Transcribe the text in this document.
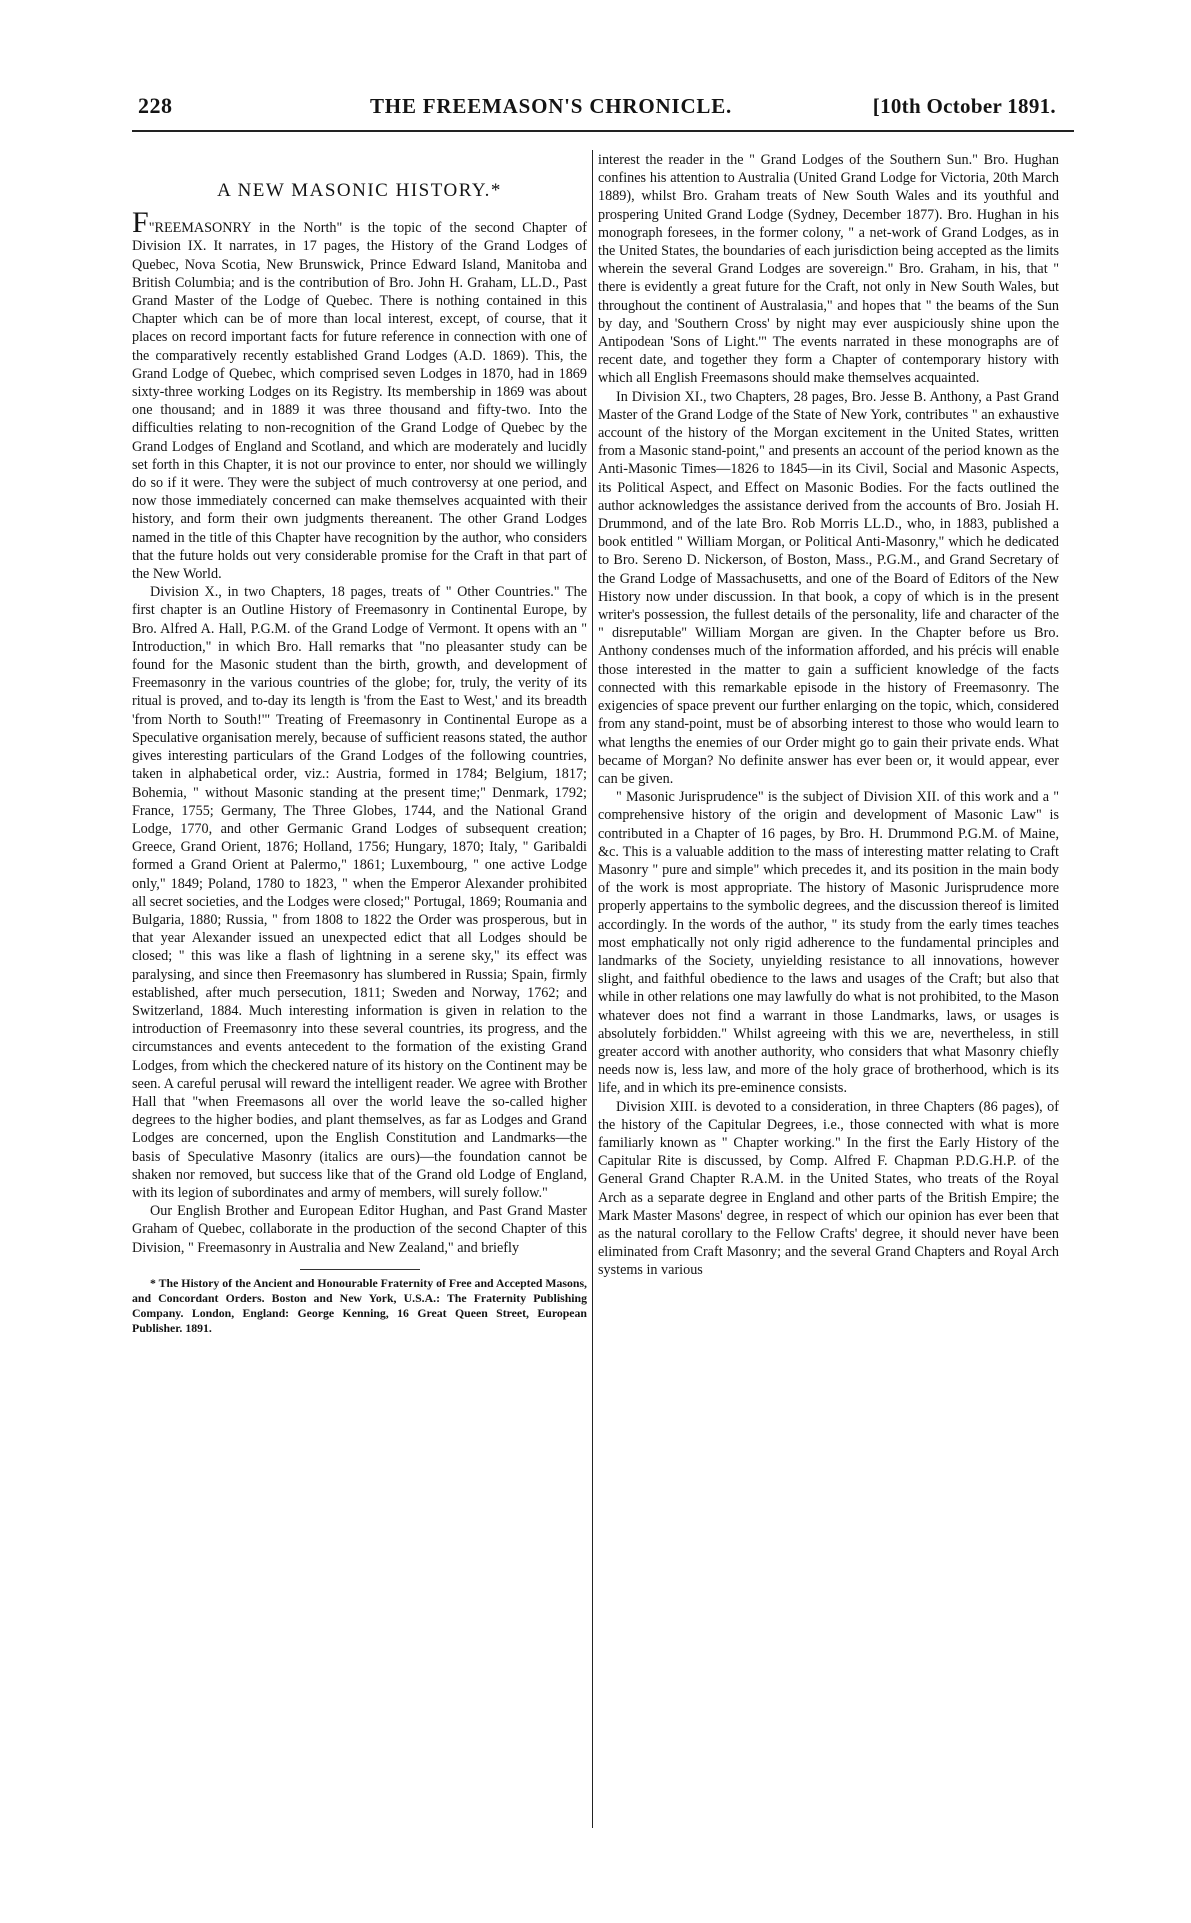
228	THE FREEMASON'S CHRONICLE.	[10th October 1891.
A NEW MASONIC HISTORY.*

F"REEMASONRY in the North" is the topic of the second Chapter of Division IX. It narrates, in 17 pages, the History of the Grand Lodges of Quebec, Nova Scotia, New Brunswick, Prince Edward Island, Manitoba and British Columbia; and is the contribution of Bro. John H. Graham, LL.D., Past Grand Master of the Lodge of Quebec. There is nothing contained in this Chapter which can be of more than local interest, except, of course, that it places on record important facts for future reference in connection with one of the comparatively recently established Grand Lodges (A.D. 1869). This, the Grand Lodge of Quebec, which comprised seven Lodges in 1870, had in 1869 sixty-three working Lodges on its Registry. Its membership in 1869 was about one thousand; and in 1889 it was three thousand and fifty-two. Into the difficulties relating to non-recognition of the Grand Lodge of Quebec by the Grand Lodges of England and Scotland, and which are moderately and lucidly set forth in this Chapter, it is not our province to enter, nor should we willingly do so if it were. They were the subject of much controversy at one period, and now those immediately concerned can make themselves acquainted with their history, and form their own judgments thereanent. The other Grand Lodges named in the title of this Chapter have recognition by the author, who considers that the future holds out very considerable promise for the Craft in that part of the New World.

Division X., in two Chapters, 18 pages, treats of " Other Countries." The first chapter is an Outline History of Freemasonry in Continental Europe, by Bro. Alfred A. Hall, P.G.M. of the Grand Lodge of Vermont. It opens with an " Introduction," in which Bro. Hall remarks that "no pleasanter study can be found for the Masonic student than the birth, growth, and development of Freemasonry in the various countries of the globe; for, truly, the verity of its ritual is proved, and to-day its length is 'from the East to West,' and its breadth 'from North to South!'" Treating of Freemasonry in Continental Europe as a Speculative organisation merely, because of sufficient reasons stated, the author gives interesting particulars of the Grand Lodges of the following countries, taken in alphabetical order, viz.: Austria, formed in 1784; Belgium, 1817; Bohemia, " without Masonic standing at the present time;" Denmark, 1792; France, 1755; Germany, The Three Globes, 1744, and the National Grand Lodge, 1770, and other Germanic Grand Lodges of subsequent creation; Greece, Grand Orient, 1876; Holland, 1756; Hungary, 1870; Italy, " Garibaldi formed a Grand Orient at Palermo," 1861; Luxembourg, " one active Lodge only," 1849; Poland, 1780 to 1823, " when the Emperor Alexander prohibited all secret societies, and the Lodges were closed;" Portugal, 1869; Roumania and Bulgaria, 1880; Russia, " from 1808 to 1822 the Order was prosperous, but in that year Alexander issued an unexpected edict that all Lodges should be closed; " this was like a flash of lightning in a serene sky," its effect was paralysing, and since then Freemasonry has slumbered in Russia; Spain, firmly established, after much persecution, 1811; Sweden and Norway, 1762; and Switzerland, 1884. Much interesting information is given in relation to the introduction of Freemasonry into these several countries, its progress, and the circumstances and events antecedent to the formation of the existing Grand Lodges, from which the checkered nature of its history on the Continent may be seen. A careful perusal will reward the intelligent reader. We agree with Brother Hall that "when Freemasons all over the world leave the so-called higher degrees to the higher bodies, and plant themselves, as far as Lodges and Grand Lodges are concerned, upon the English Constitution and Landmarks—the basis of Speculative Masonry (italics are ours)—the foundation cannot be shaken nor removed, but success like that of the Grand old Lodge of England, with its legion of subordinates and army of members, will surely follow."

Our English Brother and European Editor Hughan, and Past Grand Master Graham of Quebec, collaborate in the production of the second Chapter of this Division, " Freemasonry in Australia and New Zealand," and briefly

* The History of the Ancient and Honourable Fraternity of Free and Accepted Masons, and Concordant Orders. Boston and New York, U.S.A.: The Fraternity Publishing Company. London, England: George Kenning, 16 Great Queen Street, European Publisher. 1891.

interest the reader in the " Grand Lodges of the Southern Sun." Bro. Hughan confines his attention to Australia (United Grand Lodge for Victoria, 20th March 1889), whilst Bro. Graham treats of New South Wales and its youthful and prospering United Grand Lodge (Sydney, December 1877). Bro. Hughan in his monograph foresees, in the former colony, " a net-work of Grand Lodges, as in the United States, the boundaries of each jurisdiction being accepted as the limits wherein the several Grand Lodges are sovereign." Bro. Graham, in his, that " there is evidently a great future for the Craft, not only in New South Wales, but throughout the continent of Australasia," and hopes that " the beams of the Sun by day, and 'Southern Cross' by night may ever auspiciously shine upon the Antipodean 'Sons of Light.'" The events narrated in these monographs are of recent date, and together they form a Chapter of contemporary history with which all English Freemasons should make themselves acquainted.

In Division XI., two Chapters, 28 pages, Bro. Jesse B. Anthony, a Past Grand Master of the Grand Lodge of the State of New York, contributes " an exhaustive account of the history of the Morgan excitement in the United States, written from a Masonic stand-point," and presents an account of the period known as the Anti-Masonic Times—1826 to 1845—in its Civil, Social and Masonic Aspects, its Political Aspect, and Effect on Masonic Bodies. For the facts outlined the author acknowledges the assistance derived from the accounts of Bro. Josiah H. Drummond, and of the late Bro. Rob Morris LL.D., who, in 1883, published a book entitled " William Morgan, or Political Anti-Masonry," which he dedicated to Bro. Sereno D. Nickerson, of Boston, Mass., P.G.M., and Grand Secretary of the Grand Lodge of Massachusetts, and one of the Board of Editors of the New History now under discussion. In that book, a copy of which is in the present writer's possession, the fullest details of the personality, life and character of the " disreputable" William Morgan are given. In the Chapter before us Bro. Anthony condenses much of the information afforded, and his précis will enable those interested in the matter to gain a sufficient knowledge of the facts connected with this remarkable episode in the history of Freemasonry. The exigencies of space prevent our further enlarging on the topic, which, considered from any stand-point, must be of absorbing interest to those who would learn to what lengths the enemies of our Order might go to gain their private ends. What became of Morgan? No definite answer has ever been or, it would appear, ever can be given.

" Masonic Jurisprudence" is the subject of Division XII. of this work and a " comprehensive history of the origin and development of Masonic Law" is contributed in a Chapter of 16 pages, by Bro. H. Drummond P.G.M. of Maine, &c. This is a valuable addition to the mass of interesting matter relating to Craft Masonry " pure and simple" which precedes it, and its position in the main body of the work is most appropriate. The history of Masonic Jurisprudence more properly appertains to the symbolic degrees, and the discussion thereof is limited accordingly. In the words of the author, " its study from the early times teaches most emphatically not only rigid adherence to the fundamental principles and landmarks of the Society, unyielding resistance to all innovations, however slight, and faithful obedience to the laws and usages of the Craft; but also that while in other relations one may lawfully do what is not prohibited, to the Mason whatever does not find a warrant in those Landmarks, laws, or usages is absolutely forbidden." Whilst agreeing with this we are, nevertheless, in still greater accord with another authority, who considers that what Masonry chiefly needs now is, less law, and more of the holy grace of brotherhood, which is its life, and in which its pre-eminence consists.

Division XIII. is devoted to a consideration, in three Chapters (86 pages), of the history of the Capitular Degrees, i.e., those connected with what is more familiarly known as " Chapter working." In the first the Early History of the Capitular Rite is discussed, by Comp. Alfred F. Chapman P.D.G.H.P. of the General Grand Chapter R.A.M. in the United States, who treats of the Royal Arch as a separate degree in England and other parts of the British Empire; the Mark Master Masons' degree, in respect of which our opinion has ever been that as the natural corollary to the Fellow Crafts' degree, it should never have been eliminated from Craft Masonry; and the several Grand Chapters and Royal Arch systems in various
